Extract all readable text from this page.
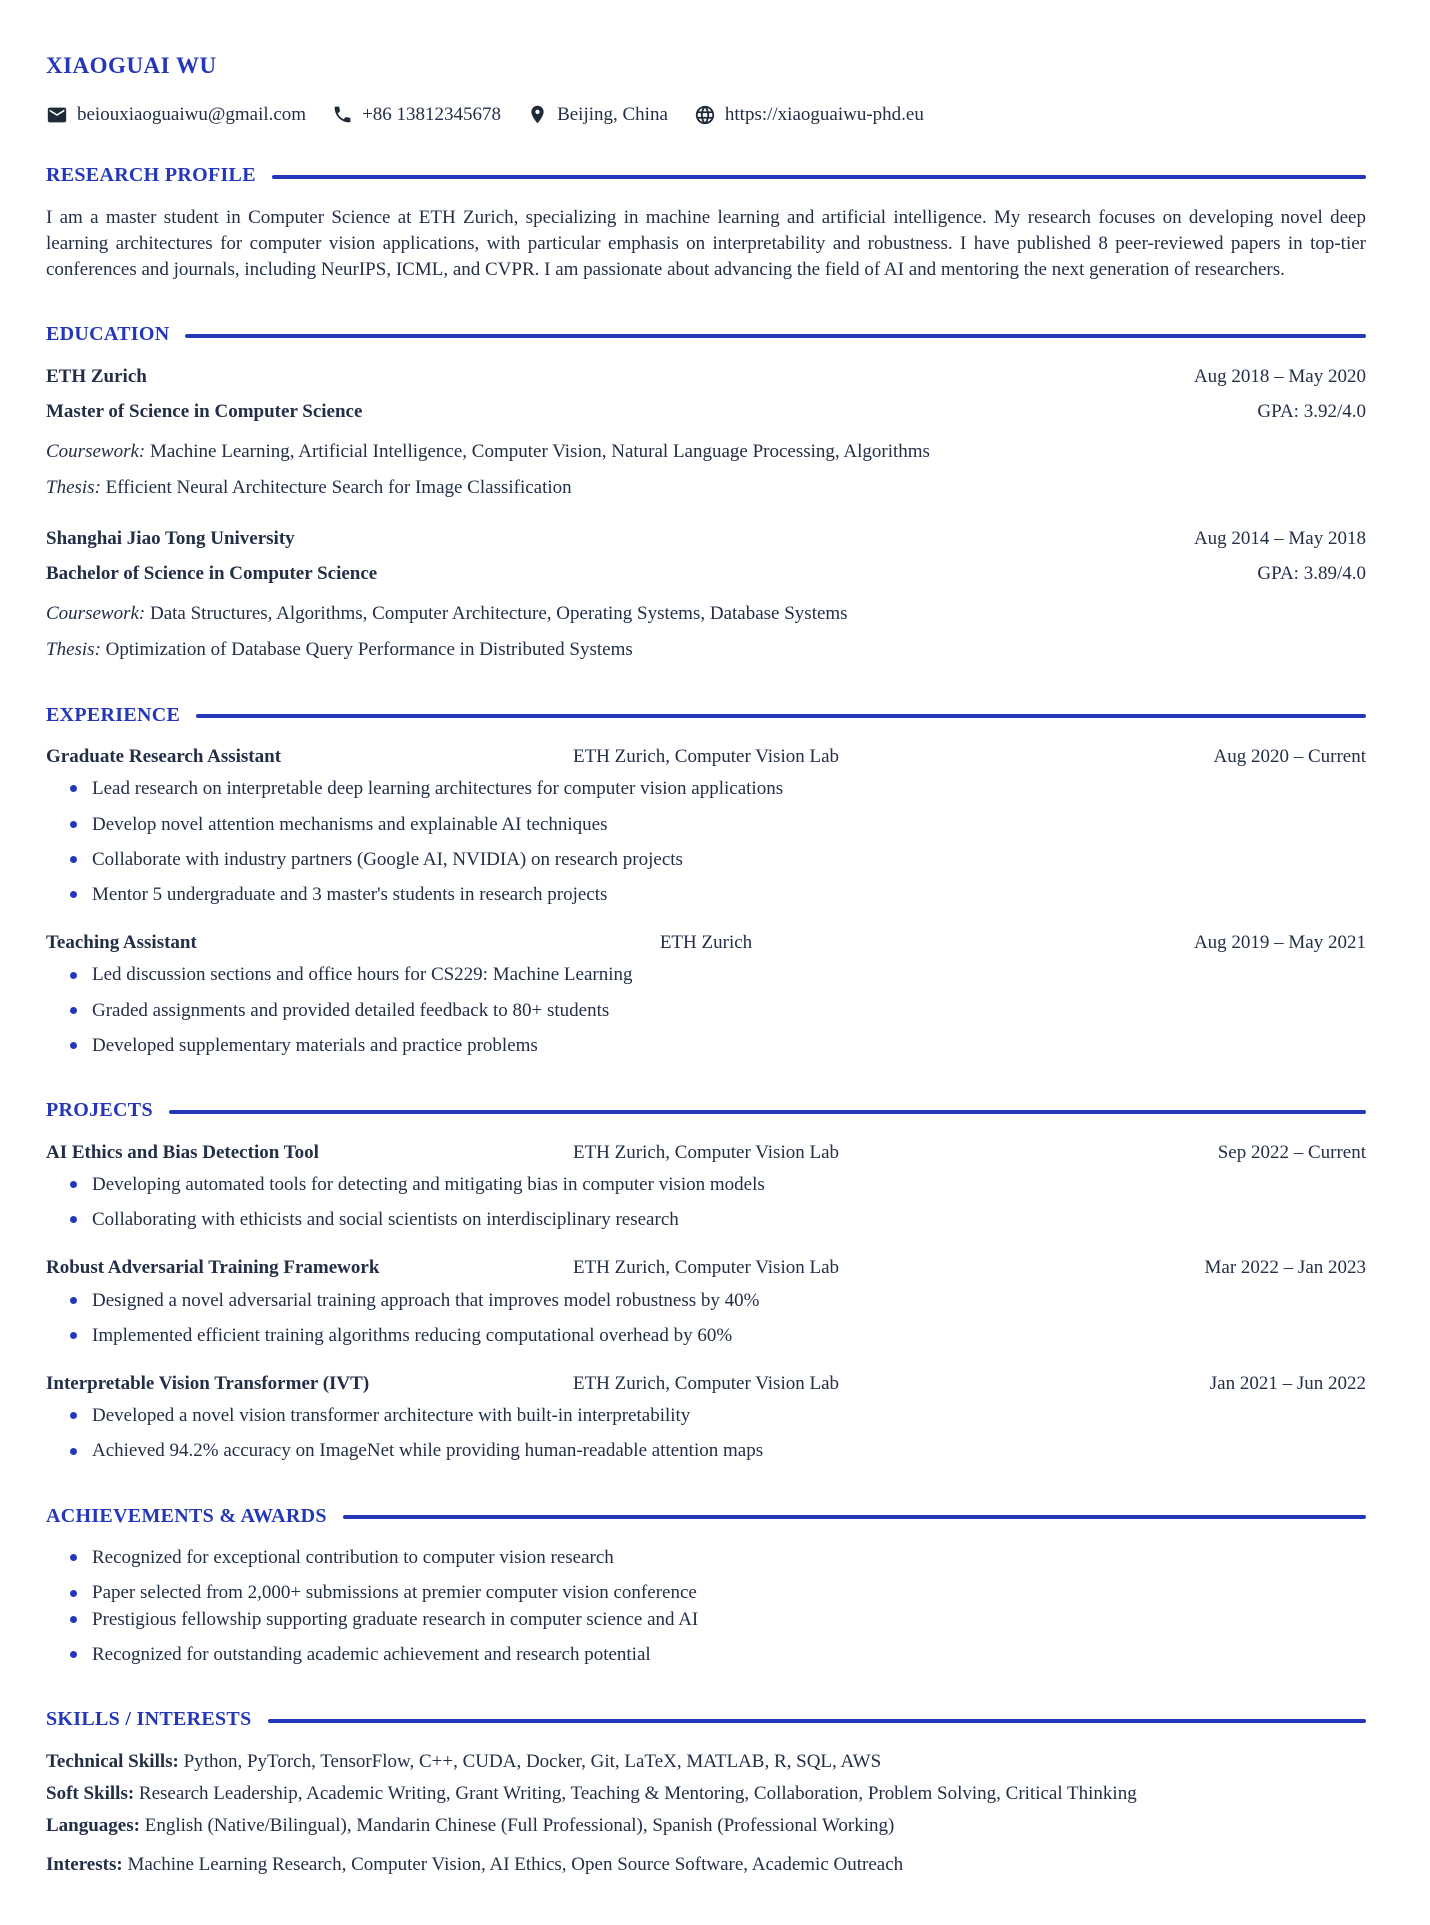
XIAOGUAI WU
beiouxiaoguaiwu@gmail.com	+86 13812345678	Beijing, China	https://xiaoguaiwu-phd.eu
RESEARCH PROFILE

I am a master student in Computer Science at ETH Zurich, specializing in machine learning and artificial intelligence. My research focuses on developing novel deep learning architectures for computer vision applications, with particular emphasis on interpretability and robustness. I have published 8 peer-reviewed papers in top-tier conferences and journals, including NeurIPS, ICML, and CVPR. I am passionate about advancing the field of AI and mentoring the next generation of researchers.

EDUCATION
ETH Zurich	Aug 2018 – May 2020
Master of Science in Computer Science	GPA: 3.92/4.0

Coursework: Machine Learning, Artificial Intelligence, Computer Vision, Natural Language Processing, Algorithms

Thesis: Efficient Neural Architecture Search for Image Classification

Shanghai Jiao Tong University	Aug 2014 – May 2018
Bachelor of Science in Computer Science	GPA: 3.89/4.0

Coursework: Data Structures, Algorithms, Computer Architecture, Operating Systems, Database Systems

Thesis: Optimization of Database Query Performance in Distributed Systems

EXPERIENCE
Graduate Research Assistant	ETH Zurich, Computer Vision Lab	Aug 2020 – Current
Lead research on interpretable deep learning architectures for computer vision applications
Develop novel attention mechanisms and explainable AI techniques
Collaborate with industry partners (Google AI, NVIDIA) on research projects
Mentor 5 undergraduate and 3 master's students in research projects
Teaching Assistant	ETH Zurich	Aug 2019 – May 2021
Led discussion sections and office hours for CS229: Machine Learning
Graded assignments and provided detailed feedback to 80+ students
Developed supplementary materials and practice problems
PROJECTS
AI Ethics and Bias Detection Tool	ETH Zurich, Computer Vision Lab	Sep 2022 – Current
Developing automated tools for detecting and mitigating bias in computer vision models
Collaborating with ethicists and social scientists on interdisciplinary research
Robust Adversarial Training Framework	ETH Zurich, Computer Vision Lab	Mar 2022 – Jan 2023
Designed a novel adversarial training approach that improves model robustness by 40%
Implemented efficient training algorithms reducing computational overhead by 60%
Interpretable Vision Transformer (IVT)	ETH Zurich, Computer Vision Lab	Jan 2021 – Jun 2022
Developed a novel vision transformer architecture with built-in interpretability
Achieved 94.2% accuracy on ImageNet while providing human-readable attention maps
ACHIEVEMENTS & AWARDS
Recognized for exceptional contribution to computer vision research
Paper selected from 2,000+ submissions at premier computer vision conference
Prestigious fellowship supporting graduate research in computer science and AI
Recognized for outstanding academic achievement and research potential
SKILLS / INTERESTS

Technical Skills: Python, PyTorch, TensorFlow, C++, CUDA, Docker, Git, LaTeX, MATLAB, R, SQL, AWS

Soft Skills: Research Leadership, Academic Writing, Grant Writing, Teaching & Mentoring, Collaboration, Problem Solving, Critical Thinking

Languages: English (Native/Bilingual), Mandarin Chinese (Full Professional), Spanish (Professional Working)

Interests: Machine Learning Research, Computer Vision, AI Ethics, Open Source Software, Academic Outreach
